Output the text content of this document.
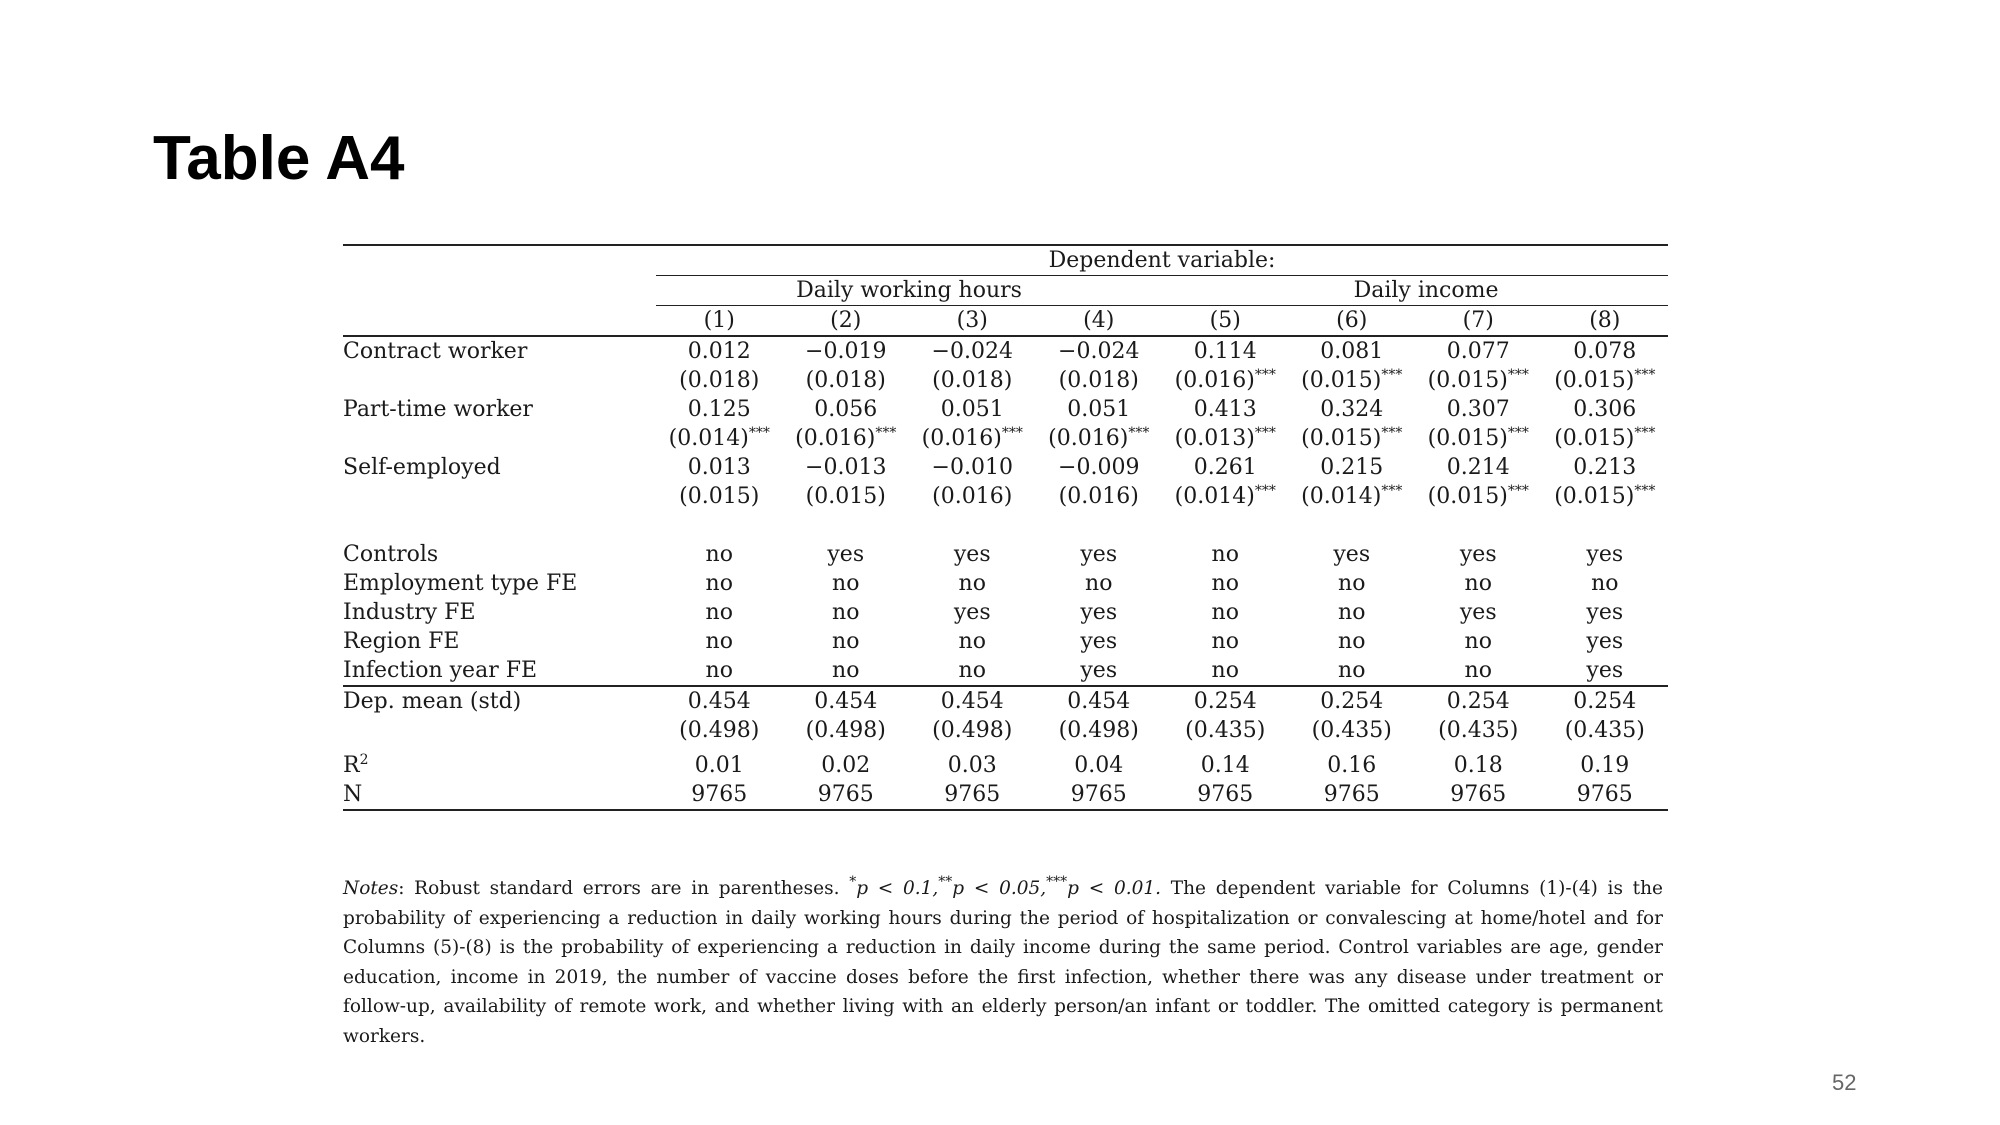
Table A4
	Dependent variable:							
	Daily working hours				Daily income			
	(1)	(2)	(3)	(4)	(5)	(6)	(7)	(8)
Contract worker	0.012	−0.019	−0.024	−0.024	0.114	0.081	0.077	0.078
	(0.018)	(0.018)	(0.018)	(0.018)	(0.016)***	(0.015)***	(0.015)***	(0.015)***
Part-time worker	0.125	0.056	0.051	0.051	0.413	0.324	0.307	0.306
	(0.014)***	(0.016)***	(0.016)***	(0.016)***	(0.013)***	(0.015)***	(0.015)***	(0.015)***
Self-employed	0.013	−0.013	−0.010	−0.009	0.261	0.215	0.214	0.213
	(0.015)	(0.015)	(0.016)	(0.016)	(0.014)***	(0.014)***	(0.015)***	(0.015)***

Controls	no	yes	yes	yes	no	yes	yes	yes
Employment type FE	no	no	no	no	no	no	no	no
Industry FE	no	no	yes	yes	no	no	yes	yes
Region FE	no	no	no	yes	no	no	no	yes
Infection year FE	no	no	no	yes	no	no	no	yes
Dep. mean (std)	0.454	0.454	0.454	0.454	0.254	0.254	0.254	0.254
	(0.498)	(0.498)	(0.498)	(0.498)	(0.435)	(0.435)	(0.435)	(0.435)
$R^2$	0.01	0.02	0.03	0.04	0.14	0.16	0.18	0.19
N	9765	9765	9765	9765	9765	9765	9765	9765
Notes: Robust standard errors are in parentheses. *p < 0.1,**p < 0.05,***p < 0.01. The dependent variable for Columns (1)-(4) is the probability of experiencing a reduction in daily working hours during the period of hospitalization or convalescing at home/hotel and for Columns (5)-(8) is the probability of experiencing a reduction in daily income during the same period. Control variables are age, gender education, income in 2019, the number of vaccine doses before the first infection, whether there was any disease under treatment or follow-up, availability of remote work, and whether living with an elderly person/an infant or toddler. The omitted category is permanent workers.
52
